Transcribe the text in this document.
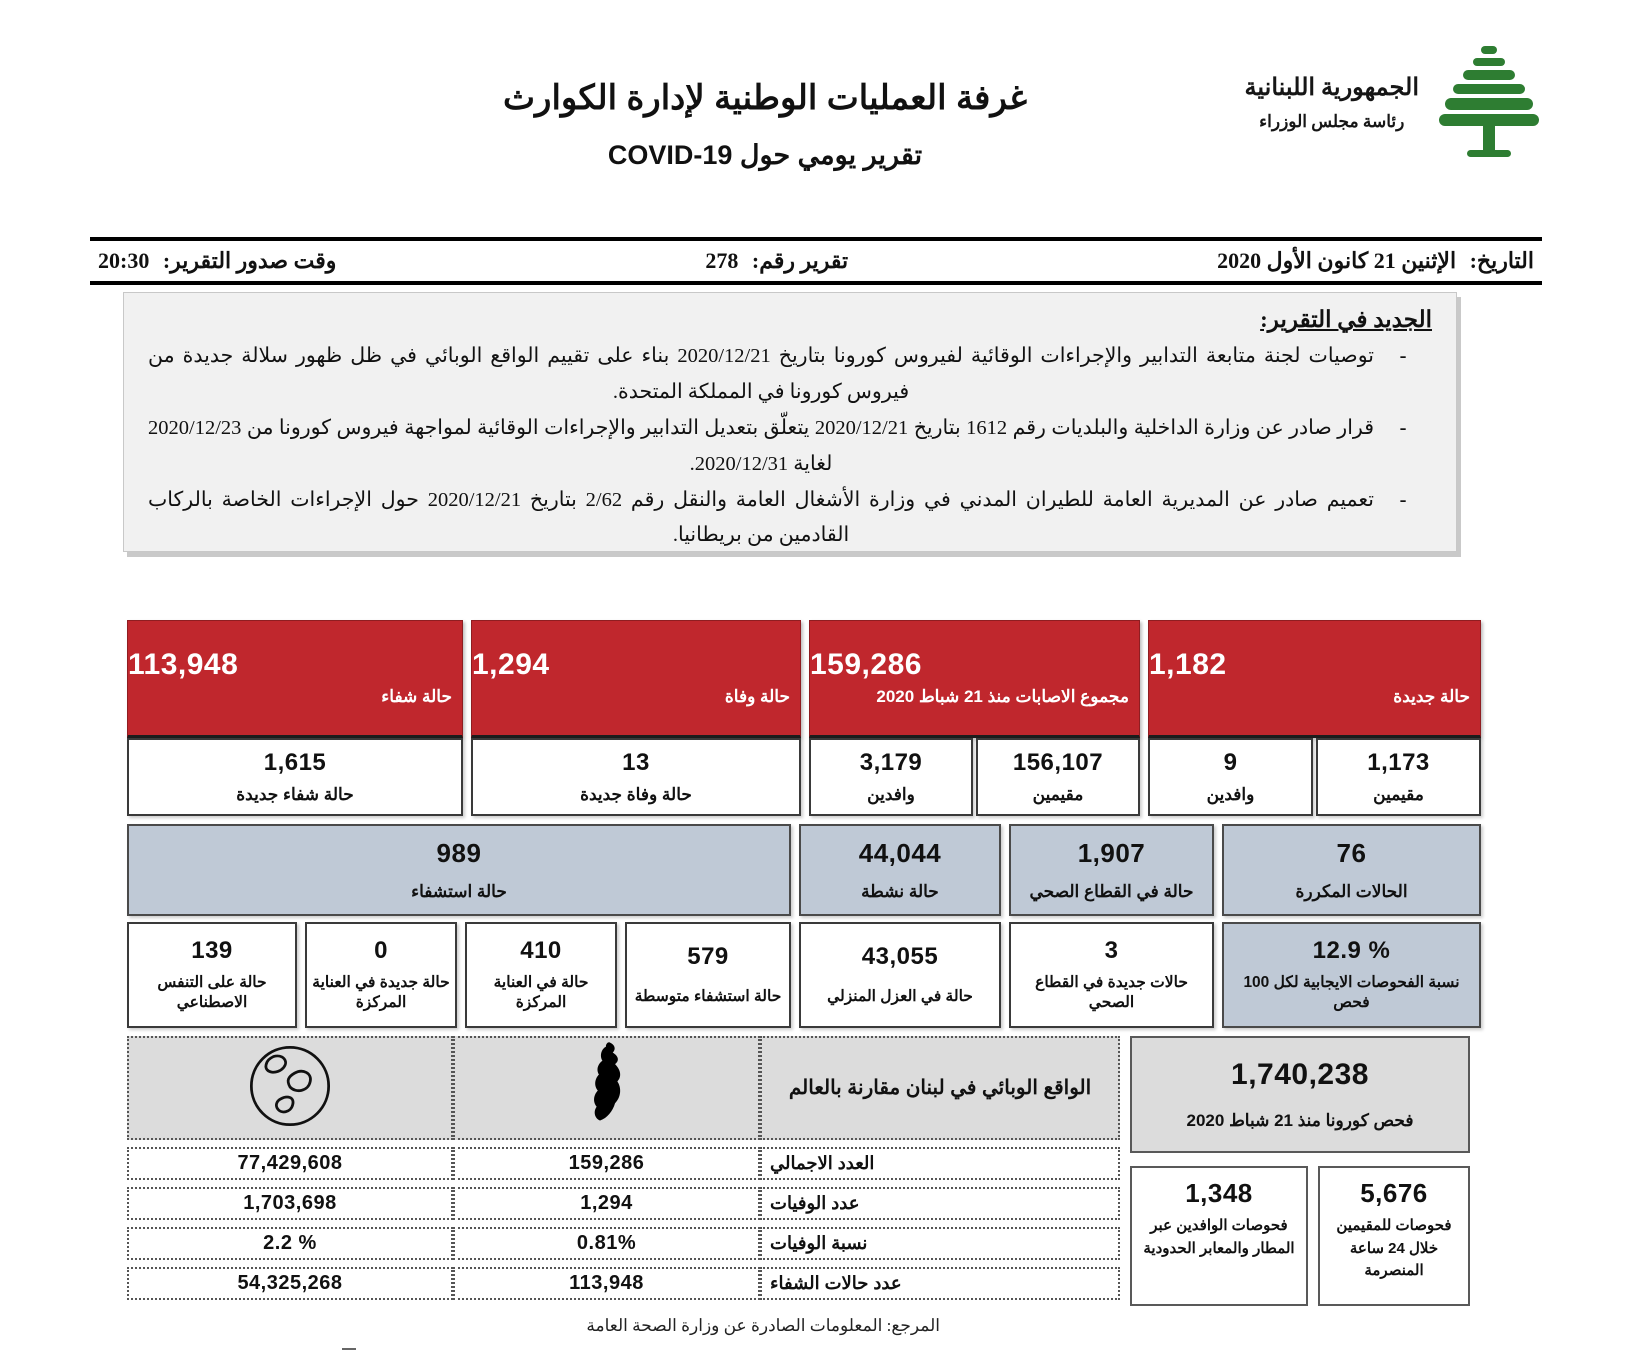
الجمهورية اللبنانية
رئاسة مجلس الوزراء
غرفة العمليات الوطنية لإدارة الكوارث
تقرير يومي حول COVID-19
التاريخ: الإثنين 21 كانون الأول 2020
تقرير رقم: 278
وقت صدور التقرير: 20:30
الجديد في التقرير:
-
توصيات لجنة متابعة التدابير والإجراءات الوقائية لفيروس كورونا بتاريخ 2020/12/21 بناء على تقييم الواقع الوبائي في ظل ظهور سلالة جديدة من فيروس كورونا في المملكة المتحدة.
-
قرار صادر عن وزارة الداخلية والبلديات رقم 1612 بتاريخ 2020/12/21 يتعلّق بتعديل التدابير والإجراءات الوقائية لمواجهة فيروس كورونا من 2020/12/23 لغاية 2020/12/31.
-
تعميم صادر عن المديرية العامة للطيران المدني في وزارة الأشغال العامة والنقل رقم 2/62 بتاريخ 2020/12/21 حول الإجراءات الخاصة بالركاب القادمين من بريطانيا.
113,948
حالة شفاء
1,615
حالة شفاء جديدة
1,294
حالة وفاة
13
حالة وفاة جديدة
159,286
مجموع الاصابات منذ 21 شباط 2020
3,179
وافدين
156,107
مقيمين
1,182
حالة جديدة
9
وافدين
1,173
مقيمين
989
حالة استشفاء
44,044
حالة نشطة
1,907
حالة في القطاع الصحي
76
الحالات المكررة
139
حالة على التنفس الاصطناعي
0
حالة جديدة في العناية المركزة
410
حالة في العناية المركزة
579
حالة استشفاء متوسطة
43,055
حالة في العزل المنزلي
3
حالات جديدة في القطاع الصحي
12.9 %
نسبة الفحوصات الايجابية لكل 100 فحص
الواقع الوبائي في لبنان مقارنة بالعالم
77,429,608	159,286	العدد الاجمالي
1,703,698	1,294	عدد الوفيات
2.2 %	0.81%	نسبة الوفيات
54,325,268	113,948	عدد حالات الشفاء
1,740,238
فحص كورونا منذ 21 شباط 2020
1,348
فحوصات الوافدين عبر المطار والمعابر الحدودية
5,676
فحوصات للمقيمين خلال 24 ساعة المنصرمة
المرجع: المعلومات الصادرة عن وزارة الصحة العامة
